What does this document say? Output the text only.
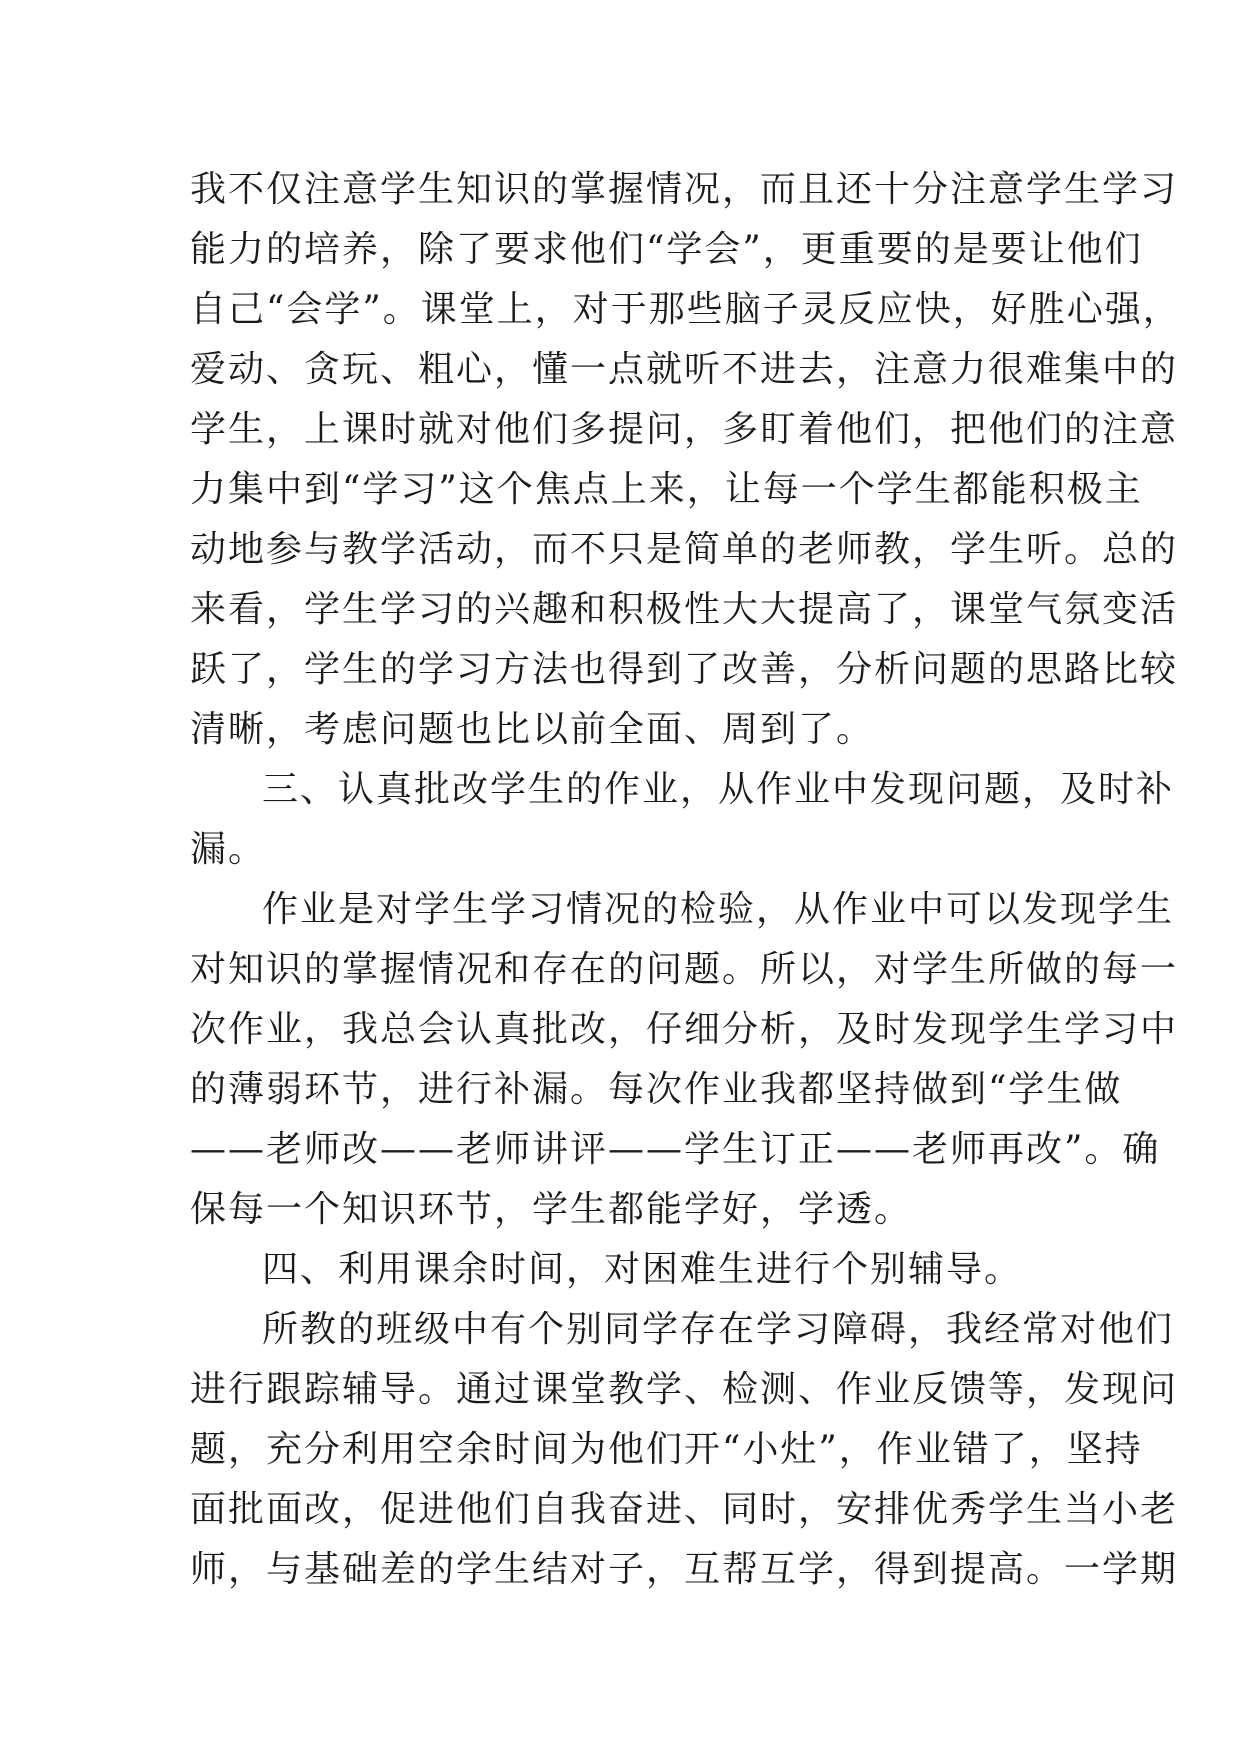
我不仅注意学生知识的掌握情况，而且还十分注意学生学习
能力的培养，除了要求他们“学会”，更重要的是要让他们
自己“会学”。课堂上，对于那些脑子灵反应快，好胜心强，
爱动、贪玩、粗心，懂一点就听不进去，注意力很难集中的
学生，上课时就对他们多提问，多盯着他们，把他们的注意
力集中到“学习”这个焦点上来，让每一个学生都能积极主
动地参与教学活动，而不只是简单的老师教，学生听。总的
来看，学生学习的兴趣和积极性大大提高了，课堂气氛变活
跃了，学生的学习方法也得到了改善，分析问题的思路比较
清晰，考虑问题也比以前全面、周到了。
三、认真批改学生的作业，从作业中发现问题，及时补
漏。
作业是对学生学习情况的检验，从作业中可以发现学生
对知识的掌握情况和存在的问题。所以，对学生所做的每一
次作业，我总会认真批改，仔细分析，及时发现学生学习中
的薄弱环节，进行补漏。每次作业我都坚持做到“学生做
——老师改——老师讲评——学生订正——老师再改”。确
保每一个知识环节，学生都能学好，学透。
四、利用课余时间，对困难生进行个别辅导。
所教的班级中有个别同学存在学习障碍，我经常对他们
进行跟踪辅导。通过课堂教学、检测、作业反馈等，发现问
题，充分利用空余时间为他们开“小灶”，作业错了，坚持
面批面改，促进他们自我奋进、同时，安排优秀学生当小老
师，与基础差的学生结对子，互帮互学，得到提高。一学期
